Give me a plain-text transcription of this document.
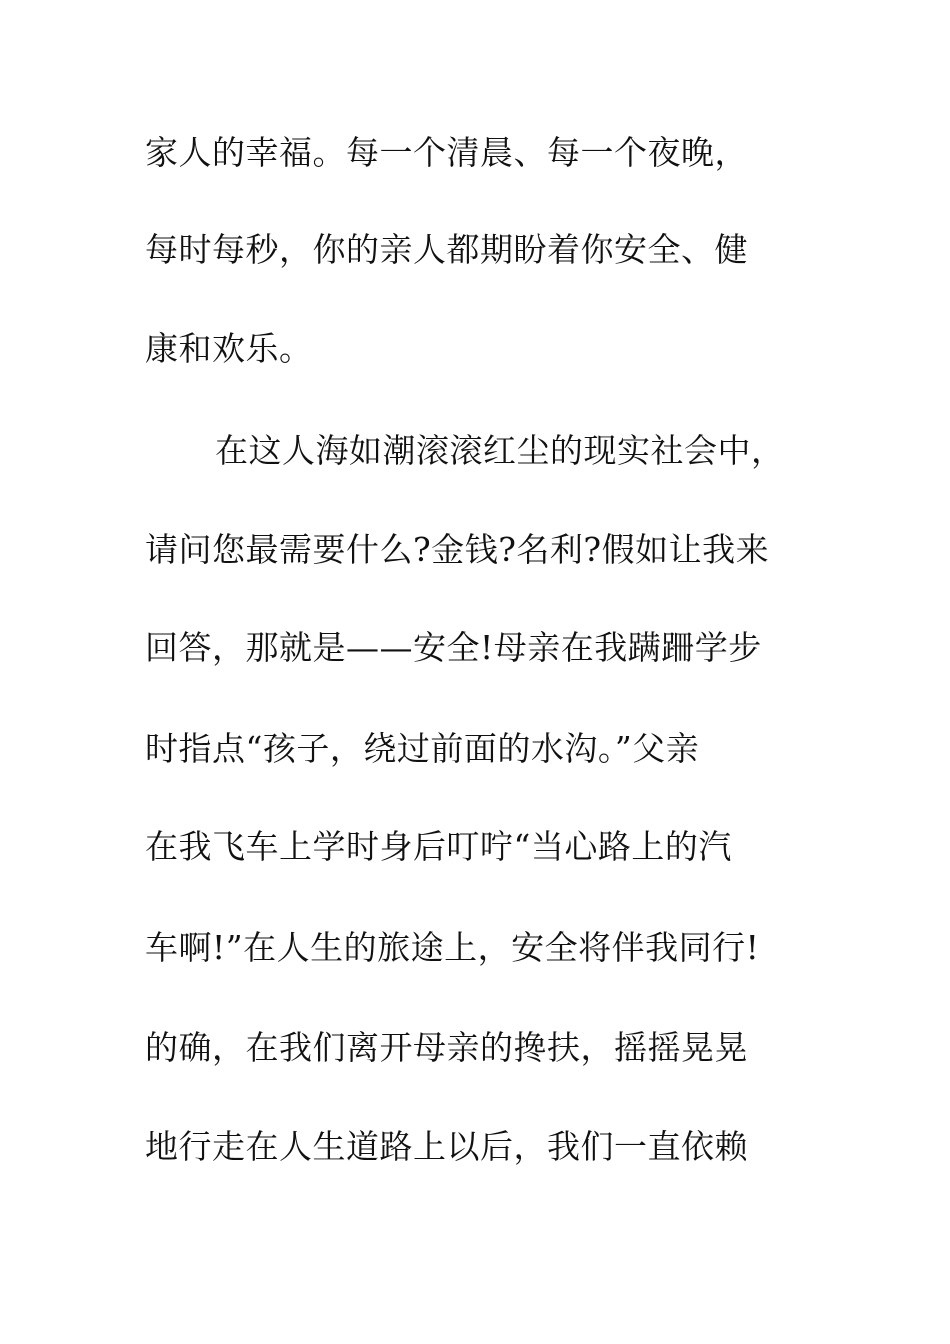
家人的幸福。每一个清晨、每一个夜晚，
每时每秒，你的亲人都期盼着你安全、健
康和欢乐。
在这人海如潮滚滚红尘的现实社会中，
请问您最需要什么?金钱?名利?假如让我来
回答，那就是——安全!母亲在我蹒跚学步
时指点“孩子，绕过前面的水沟。”父亲
在我飞车上学时身后叮咛“当心路上的汽
车啊!”在人生的旅途上，安全将伴我同行!
的确，在我们离开母亲的搀扶，摇摇晃晃
地行走在人生道路上以后，我们一直依赖
